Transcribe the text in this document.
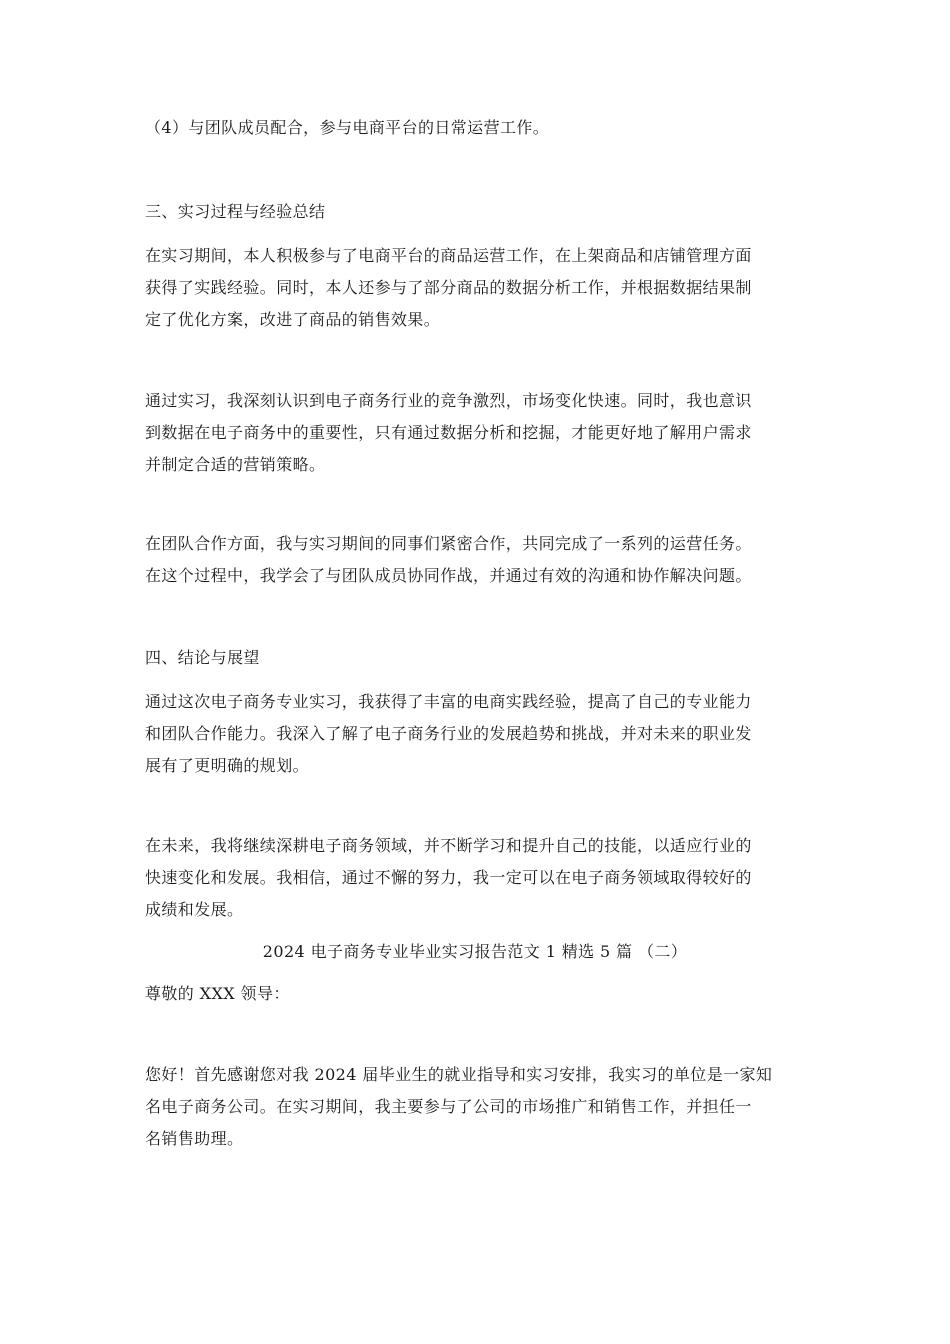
（4）与团队成员配合，参与电商平台的日常运营工作。
三、实习过程与经验总结
在实习期间，本人积极参与了电商平台的商品运营工作，在上架商品和店铺管理方面
获得了实践经验。同时，本人还参与了部分商品的数据分析工作，并根据数据结果制
定了优化方案，改进了商品的销售效果。
通过实习，我深刻认识到电子商务行业的竞争激烈，市场变化快速。同时，我也意识
到数据在电子商务中的重要性，只有通过数据分析和挖掘，才能更好地了解用户需求
并制定合适的营销策略。
在团队合作方面，我与实习期间的同事们紧密合作，共同完成了一系列的运营任务。
在这个过程中，我学会了与团队成员协同作战，并通过有效的沟通和协作解决问题。
四、结论与展望
通过这次电子商务专业实习，我获得了丰富的电商实践经验，提高了自己的专业能力
和团队合作能力。我深入了解了电子商务行业的发展趋势和挑战，并对未来的职业发
展有了更明确的规划。
在未来，我将继续深耕电子商务领域，并不断学习和提升自己的技能，以适应行业的
快速变化和发展。我相信，通过不懈的努力，我一定可以在电子商务领域取得较好的
成绩和发展。
2024 电子商务专业毕业实习报告范文 1 精选 5 篇 （二）
尊敬的 XXX 领导：
您好！首先感谢您对我 2024 届毕业生的就业指导和实习安排，我实习的单位是一家知
名电子商务公司。在实习期间，我主要参与了公司的市场推广和销售工作，并担任一
名销售助理。
